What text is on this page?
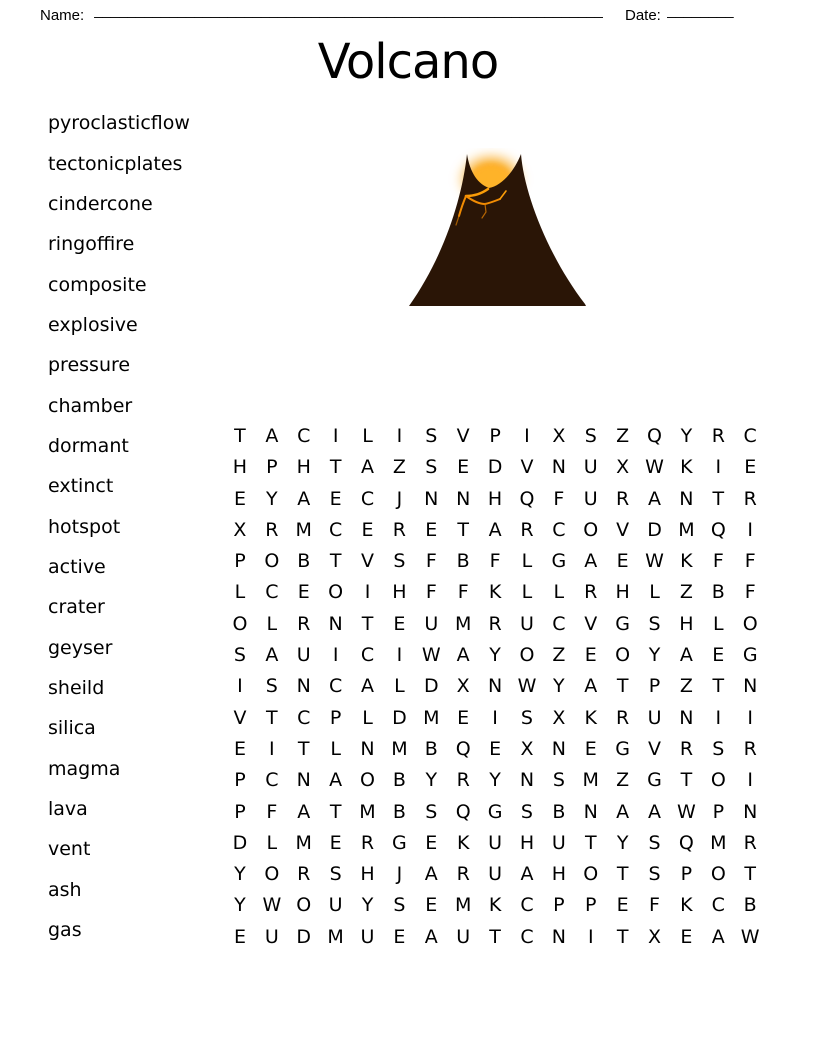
Name: _____________________________________________________________ Date: ________
Volcano
pyroclasticflow
tectonicplates
cindercone
ringoffire
composite
explosive
pressure
chamber
dormant
extinct
hotspot
active
crater
geyser
sheild
silica
magma
lava
vent
ash
gas
T	A C	I	L	I	S	V	P	I	X	S	Z Q Y	R C
H	P	H T	A Z	S	E D V N U X W K	I	E
E	Y	A	E	C	J	N N H Q F	U R A N T	R
X R M C	E	R	E	T	A R C O V D M Q	I
P O B	T	V	S	F	B	F	L	G A	E W K	F	F
L	C	E O	I	H	F	F	K	L	L	R H	L	Z B	F
O	L	R N T	E U M R U C V G S H	L	O
S	A U	I	C	I	W A	Y O Z	E O Y	A	E G
I	S N C A	L	D X N W Y	A	T	P	Z	T N
V	T	C	P	L	D M E	I	S	X	K	R U N	I	I
E	I	T	L	N M B Q E	X N E G V R	S	R
P	C N A O B	Y	R	Y N S M Z G T O	I
P	F	A	T M B	S Q G S	B N A A W P	N
D	L M E	R G E	K U H U	T	Y	S Q M R
Y O R	S H	J	A R U A H O T	S	P O T
Y W O U	Y	S	E M K	C	P	P	E	F	K	C B
E U D M U E	A U	T	C N	I	T	X	E	A W
